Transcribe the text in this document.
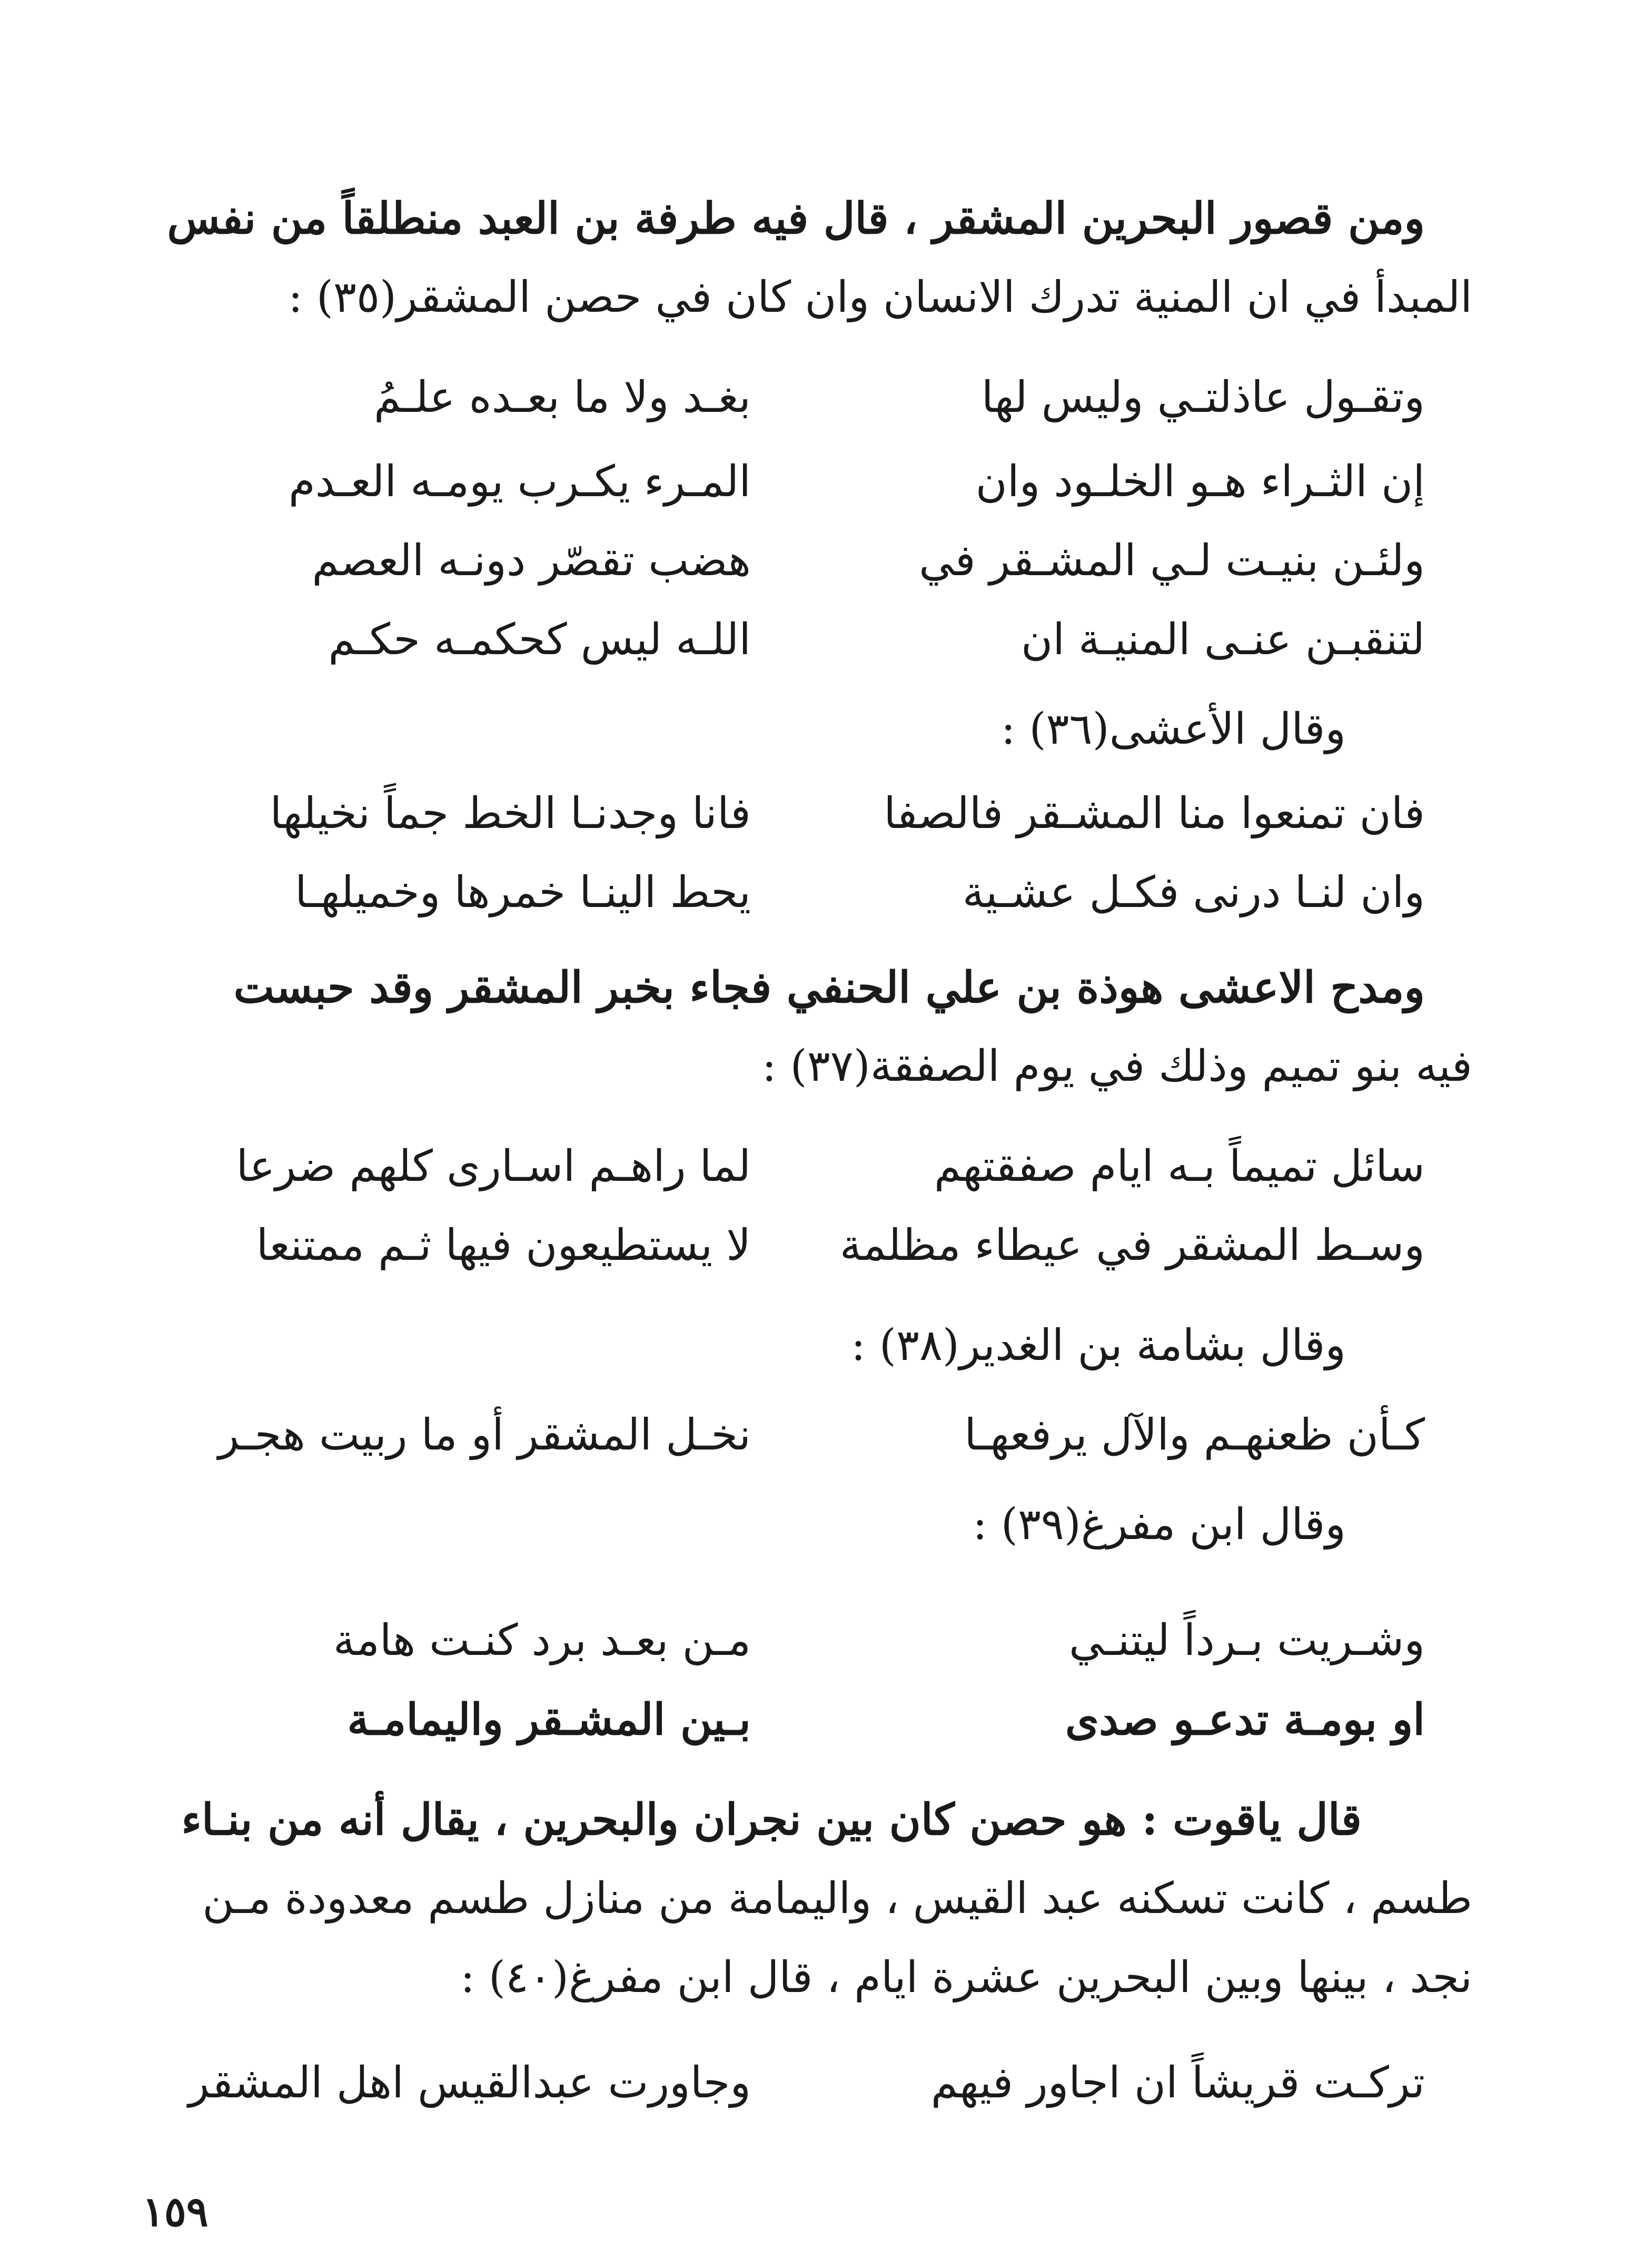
ومن قصور البحرين المشقر ، قال فيه طرفة بن العبد منطلقاً من نفس
المبدأ في ان المنية تدرك الانسان وان كان في حصن المشقر(٣٥) :
وتقـول عاذلتـي وليس لها
بغـد ولا ما بعـده علـمُ
إن الثـراء هـو الخلـود وان
المـرء يكـرب يومـه العـدم
ولئـن بنيـت لـي المشـقر في
هضب تقصّر دونـه العصم
لتنقبـن عنـى المنيـة ان
اللـه ليس كحكمـه حكـم
وقال الأعشى(٣٦) :
فان تمنعوا منا المشـقر فالصفا
فانا وجدنـا الخط جماً نخيلها
وان لنـا درنى فكـل عشـية
يحط الينـا خمرها وخميلهـا
ومدح الاعشى هوذة بن علي الحنفي فجاء بخبر المشقر وقد حبست
فيه بنو تميم وذلك في يوم الصفقة(٣٧) :
سائل تميماً بـه ايام صفقتهم
لما راهـم اسـارى كلهم ضرعا
وسـط المشقر في عيطاء مظلمة
لا يستطيعون فيها ثـم ممتنعا
وقال بشامة بن الغدير(٣٨) :
كـأن ظعنهـم والآل يرفعهـا
نخـل المشقر أو ما ربيت هجـر
وقال ابن مفرغ(٣٩) :
وشـريت بـرداً ليتنـي
مـن بعـد برد كنـت هامة
او بومـة تدعـو صدى
بـين المشـقر واليمامـة
قال ياقوت : هو حصن كان بين نجران والبحرين ، يقال أنه من بنـاء
طسم ، كانت تسكنه عبد القيس ، واليمامة من منازل طسم معدودة مـن
نجد ، بينها وبين البحرين عشرة ايام ، قال ابن مفرغ(٤٠) :
تركـت قريشاً ان اجاور فيهم
وجاورت عبدالقيس اهل المشقر
١٥٩
